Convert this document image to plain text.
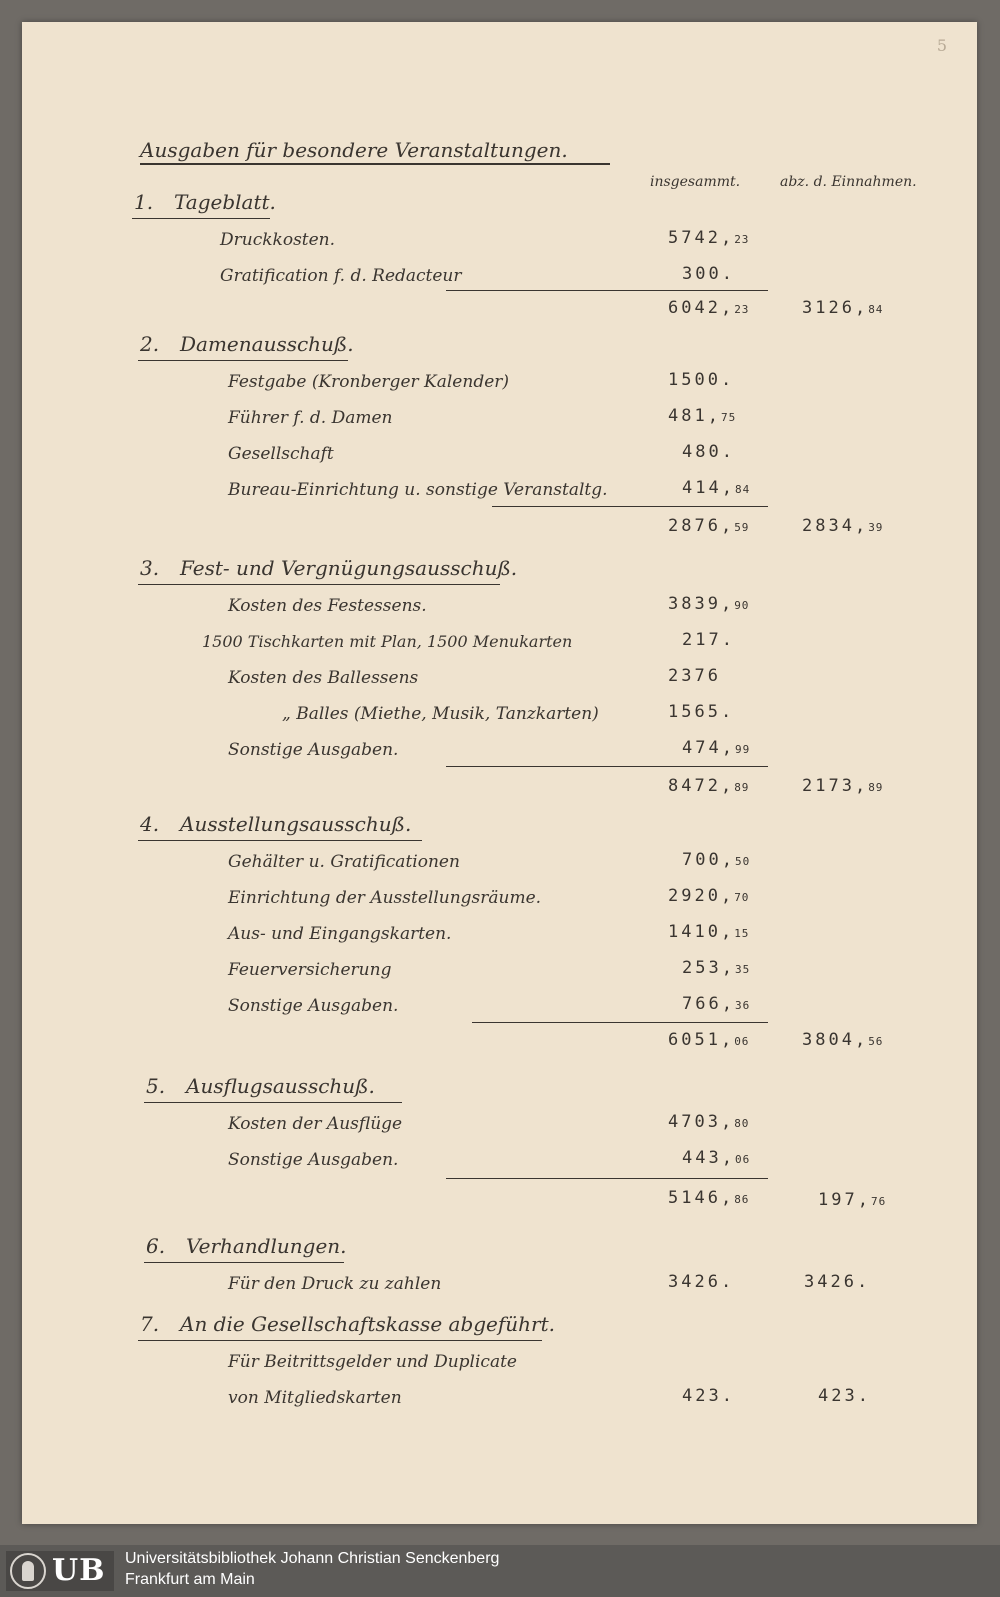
5
Ausgaben für besondere Veranstaltungen.
insgesammt.	abz. d. Einnahmen.
1. Tageblatt.
Druckkosten.	5742,23
Gratification f. d. Redacteur	300.
6042,23	3126,84
2. Damenausschuß.
Festgabe (Kronberger Kalender)	1500.
Führer f. d. Damen	481,75
Gesellschaft	480.
Bureau-Einrichtung u. sonstige Veranstaltg.	414,84
2876,59	2834,39
3. Fest- und Vergnügungsausschuß.
Kosten des Festessens.	3839,90
1500 Tischkarten mit Plan, 1500 Menukarten	217.
Kosten des Ballessens	2376
„ Balles (Miethe, Musik, Tanzkarten)	1565.
Sonstige Ausgaben.	474,99
8472,89	2173,89
4. Ausstellungsausschuß.
Gehälter u. Gratificationen	700,50
Einrichtung der Ausstellungsräume.	2920,70
Aus- und Eingangskarten.	1410,15
Feuerversicherung	253,35
Sonstige Ausgaben.	766,36
6051,06	3804,56
5. Ausflugsausschuß.
Kosten der Ausflüge	4703,80
Sonstige Ausgaben.	443,06
5146,86	197,76
6. Verhandlungen.
Für den Druck zu zahlen	3426.	3426.
7. An die Gesellschaftskasse abgeführt.
Für Beitrittsgelder und Duplicate
von Mitgliedskarten	423.	423.
UB Universitätsbibliothek Johann Christian Senckenberg
Frankfurt am Main
